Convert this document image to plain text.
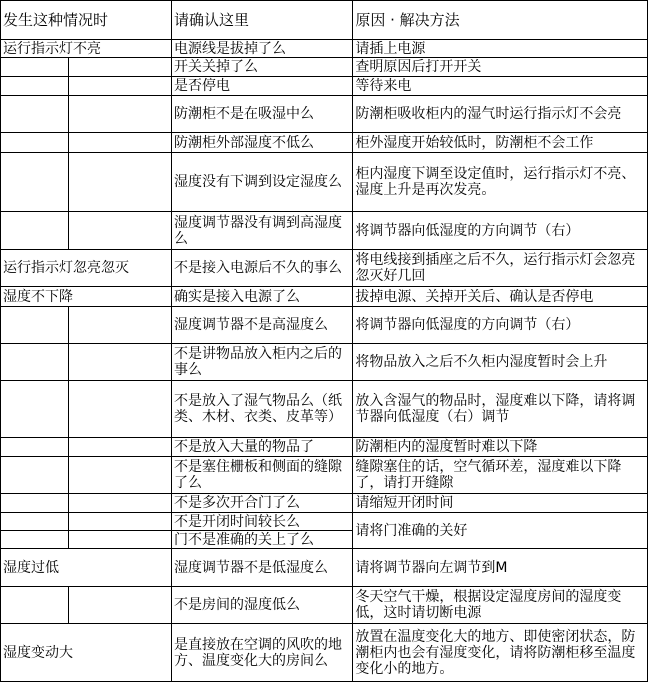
发生这种情况时		请确认这里	原因 · 解决方法
运行指示灯不亮		电源线是拔掉了么	请插上电源
		开关关掉了么	查明原因后打开开关
		是否停电	等待来电
		防潮柜不是在吸湿中么	防潮柜吸收柜内的湿气时运行指示灯不会亮
		防潮柜外部湿度不低么	柜外湿度开始较低时，防潮柜不会工作
		湿度没有下调到设定湿度么	柜内湿度下调至设定值时，运行指示灯不亮、湿度上升是再次发亮。
		湿度调节器没有调到高湿度么	将调节器向低湿度的方向调节（右）
运行指示灯忽亮忽灭		不是接入电源后不久的事么	将电线接到插座之后不久，运行指示灯会忽亮忽灭好几回
湿度不下降		确实是接入电源了么	拔掉电源、关掉开关后、确认是否停电
		湿度调节器不是高湿度么	将调节器向低湿度的方向调节（右）
		不是讲物品放入柜内之后的事么	将物品放入之后不久柜内湿度暂时会上升
		不是放入了湿气物品么（纸类、木材、衣类、皮革等）	放入含湿气的物品时，湿度难以下降，请将调节器向低湿度（右）调节
		不是放入大量的物品了	防潮柜内的湿度暂时难以下降
		不是塞住栅板和侧面的缝隙了么	缝隙塞住的话，空气循环差，湿度难以下降了，请打开缝隙
		不是多次开合门了么	请缩短开闭时间
		不是开闭时间较长么	请将门准确的关好
		门不是准确的关上了么	
湿度过低		湿度调节器不是低湿度么	请将调节器向左调节到M
		不是房间的湿度低么	冬天空气干燥，根据设定湿度房间的湿度变低，这时请切断电源
湿度变动大		是直接放在空调的风吹的地方、温度变化大的房间么	放置在温度变化大的地方、即使密闭状态，防潮柜内也会有湿度变化，请将防潮柜移至温度变化小的地方。
